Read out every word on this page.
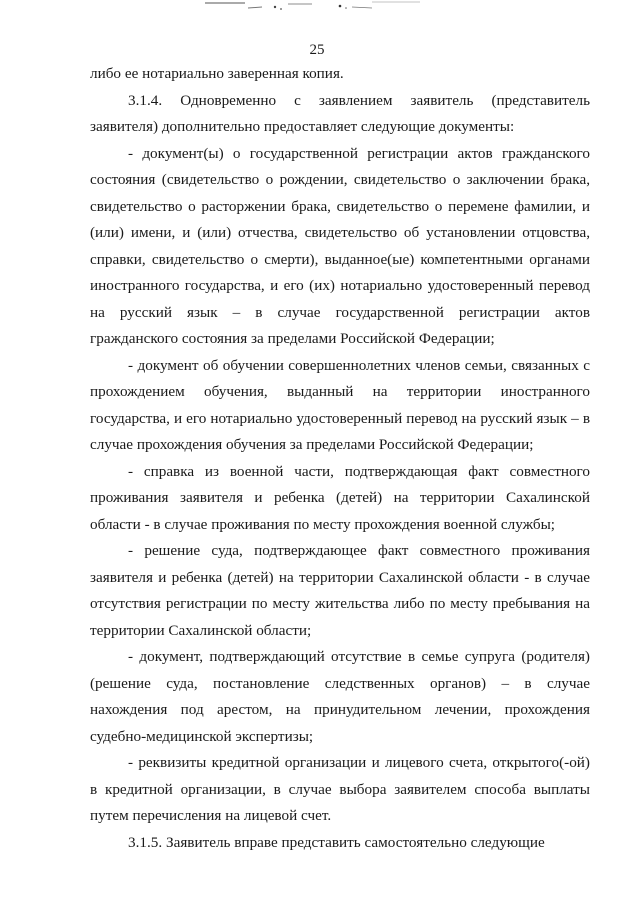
25

либо ее нотариально заверенная копия.

3.1.4. Одновременно с заявлением заявитель (представитель заявителя) дополнительно предоставляет следующие документы:

- документ(ы) о государственной регистрации актов гражданского состояния (свидетельство о рождении, свидетельство о заключении брака, свидетельство о расторжении брака, свидетельство о перемене фамилии, и (или) имени, и (или) отчества, свидетельство об установлении отцовства, справки, свидетельство о смерти), выданное(ые) компетентными органами иностранного государства, и его (их) нотариально удостоверенный перевод на русский язык – в случае государственной регистрации актов гражданского состояния за пределами Российской Федерации;

- документ об обучении совершеннолетних членов семьи, связанных с прохождением обучения, выданный на территории иностранного государства, и его нотариально удостоверенный перевод на русский язык – в случае прохождения обучения за пределами Российской Федерации;

- справка из военной части, подтверждающая факт совместного проживания заявителя и ребенка (детей) на территории Сахалинской области - в случае проживания по месту прохождения военной службы;

- решение суда, подтверждающее факт совместного проживания заявителя и ребенка (детей) на территории Сахалинской области - в случае отсутствия регистрации по месту жительства либо по месту пребывания на территории Сахалинской области;

- документ, подтверждающий отсутствие в семье супруга (родителя) (решение суда, постановление следственных органов) – в случае нахождения под арестом, на принудительном лечении, прохождения судебно-медицинской экспертизы;

- реквизиты кредитной организации и лицевого счета, открытого(-ой) в кредитной организации, в случае выбора заявителем способа выплаты путем перечисления на лицевой счет.

3.1.5. Заявитель вправе представить самостоятельно следующие
